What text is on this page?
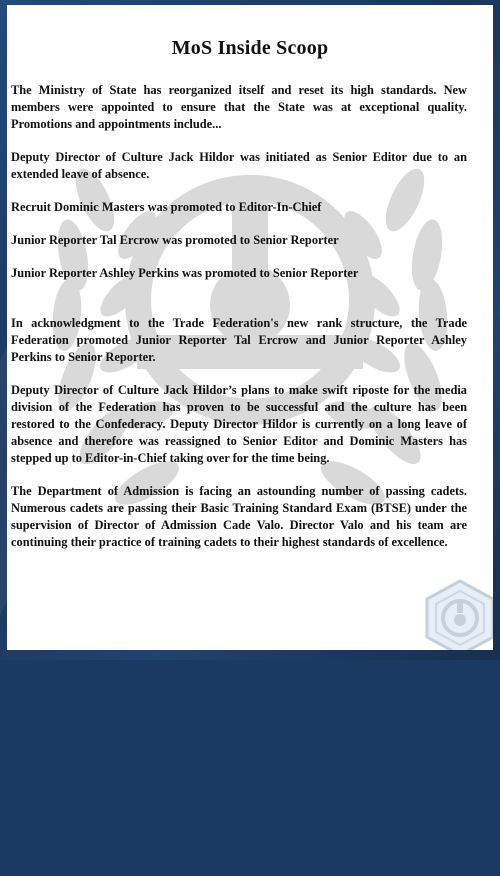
MoS Inside Scoop

The Ministry of State has reorganized itself and reset its high standards. New members were appointed to ensure that the State was at exceptional quality. Promotions and appointments include...

Deputy Director of Culture Jack Hildor was initiated as Senior Editor due to an extended leave of absence.

Recruit Dominic Masters was promoted to Editor-In-Chief

Junior Reporter Tal Ercrow was promoted to Senior Reporter

Junior Reporter Ashley Perkins was promoted to Senior Reporter

In acknowledgment to the Trade Federation's new rank structure, the Trade Federation promoted Junior Reporter Tal Ercrow and Junior Reporter Ashley Perkins to Senior Reporter.

Deputy Director of Culture Jack Hildor’s plans to make swift riposte for the media division of the Federation has proven to be successful and the culture has been restored to the Confederacy. Deputy Director Hildor is currently on a long leave of absence and therefore was reassigned to Senior Editor and Dominic Masters has stepped up to Editor-in-Chief taking over for the time being.

The Department of Admission is facing an astounding number of passing cadets. Numerous cadets are passing their Basic Training Standard Exam (BTSE) under the supervision of Director of Admission Cade Valo. Director Valo and his team are continuing their practice of training cadets to their highest standards of excellence.
